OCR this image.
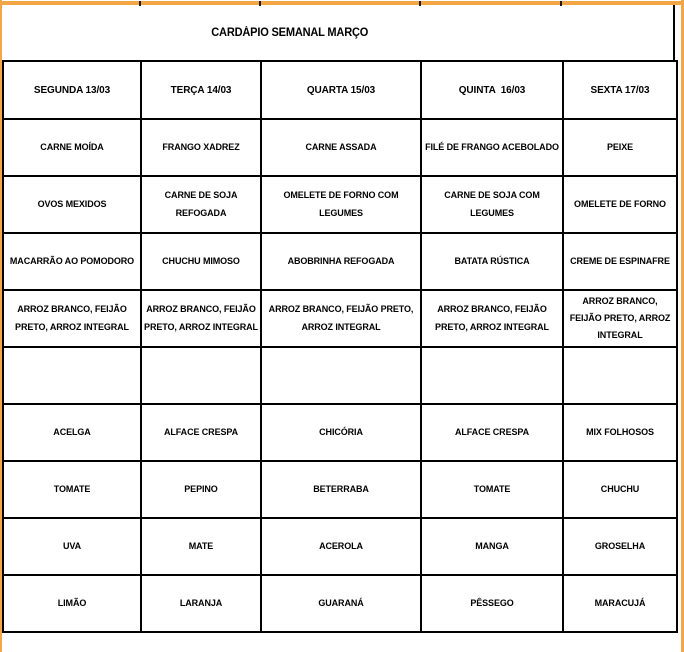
CARDÁPIO SEMANAL MARÇO
SEGUNDA 13/03	TERÇA 14/03	QUARTA 15/03	QUINTA  16/03	SEXTA 17/03
CARNE MOÍDA	FRANGO XADREZ	CARNE ASSADA	FILÉ DE FRANGO ACEBOLADO	PEIXE
OVOS MEXIDOS	CARNE DE SOJA REFOGADA	OMELETE DE FORNO COM LEGUMES	CARNE DE SOJA COM LEGUMES	OMELETE DE FORNO
MACARRÃO AO POMODORO	CHUCHU MIMOSO	ABOBRINHA REFOGADA	BATATA RÚSTICA	CREME DE ESPINAFRE
ARROZ BRANCO, FEIJÃO PRETO, ARROZ INTEGRAL	ARROZ BRANCO, FEIJÃO PRETO, ARROZ INTEGRAL	ARROZ BRANCO, FEIJÃO PRETO, ARROZ INTEGRAL	ARROZ BRANCO, FEIJÃO PRETO, ARROZ INTEGRAL	ARROZ BRANCO, FEIJÃO PRETO, ARROZ INTEGRAL

ACELGA	ALFACE CRESPA	CHICÓRIA	ALFACE CRESPA	MIX FOLHOSOS
TOMATE	PEPINO	BETERRABA	TOMATE	CHUCHU
UVA	MATE	ACEROLA	MANGA	GROSELHA
LIMÃO	LARANJA	GUARANÁ	PÊSSEGO	MARACUJÁ
